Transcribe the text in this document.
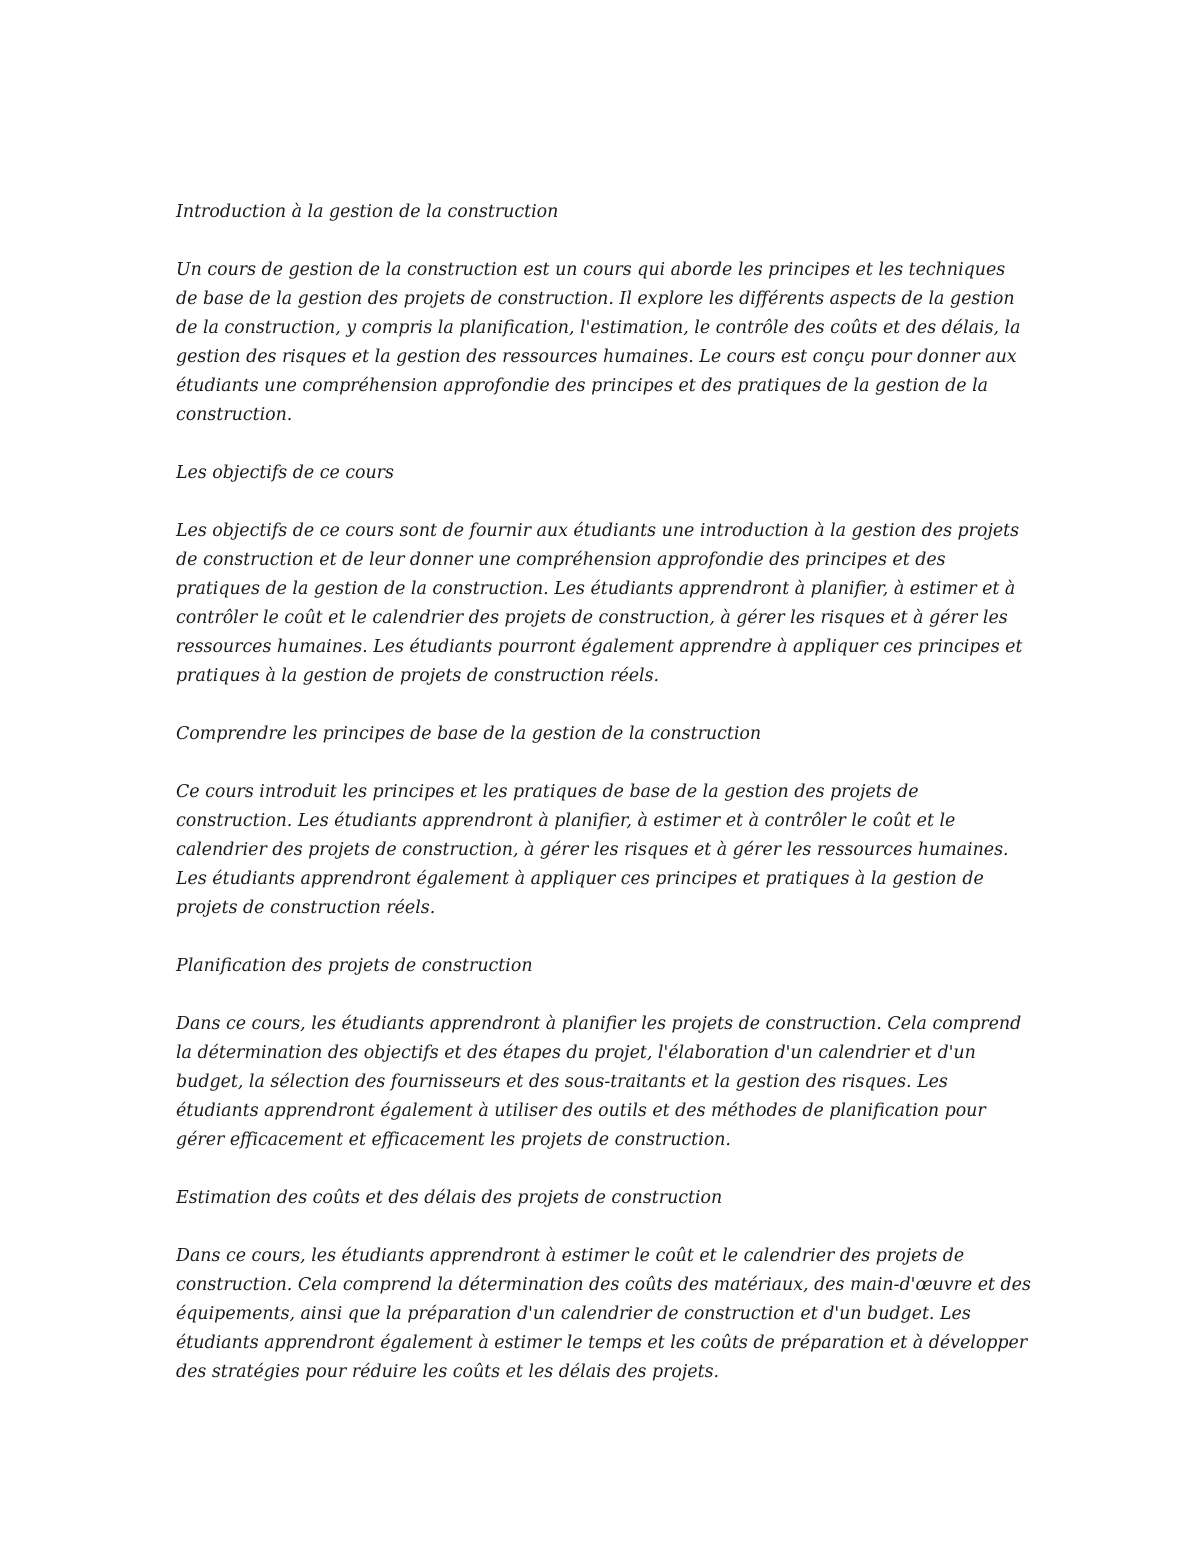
Introduction à la gestion de la construction

Un cours de gestion de la construction est un cours qui aborde les principes et les techniques de base de la gestion des projets de construction. Il explore les différents aspects de la gestion de la construction, y compris la planification, l'estimation, le contrôle des coûts et des délais, la gestion des risques et la gestion des ressources humaines. Le cours est conçu pour donner aux étudiants une compréhension approfondie des principes et des pratiques de la gestion de la construction.

Les objectifs de ce cours

Les objectifs de ce cours sont de fournir aux étudiants une introduction à la gestion des projets de construction et de leur donner une compréhension approfondie des principes et des pratiques de la gestion de la construction. Les étudiants apprendront à planifier, à estimer et à contrôler le coût et le calendrier des projets de construction, à gérer les risques et à gérer les ressources humaines. Les étudiants pourront également apprendre à appliquer ces principes et pratiques à la gestion de projets de construction réels.

Comprendre les principes de base de la gestion de la construction

Ce cours introduit les principes et les pratiques de base de la gestion des projets de construction. Les étudiants apprendront à planifier, à estimer et à contrôler le coût et le calendrier des projets de construction, à gérer les risques et à gérer les ressources humaines. Les étudiants apprendront également à appliquer ces principes et pratiques à la gestion de projets de construction réels.

Planification des projets de construction

Dans ce cours, les étudiants apprendront à planifier les projets de construction. Cela comprend la détermination des objectifs et des étapes du projet, l'élaboration d'un calendrier et d'un budget, la sélection des fournisseurs et des sous-traitants et la gestion des risques. Les étudiants apprendront également à utiliser des outils et des méthodes de planification pour gérer efficacement et efficacement les projets de construction.

Estimation des coûts et des délais des projets de construction

Dans ce cours, les étudiants apprendront à estimer le coût et le calendrier des projets de construction. Cela comprend la détermination des coûts des matériaux, des main-d'œuvre et des équipements, ainsi que la préparation d'un calendrier de construction et d'un budget. Les étudiants apprendront également à estimer le temps et les coûts de préparation et à développer des stratégies pour réduire les coûts et les délais des projets.
